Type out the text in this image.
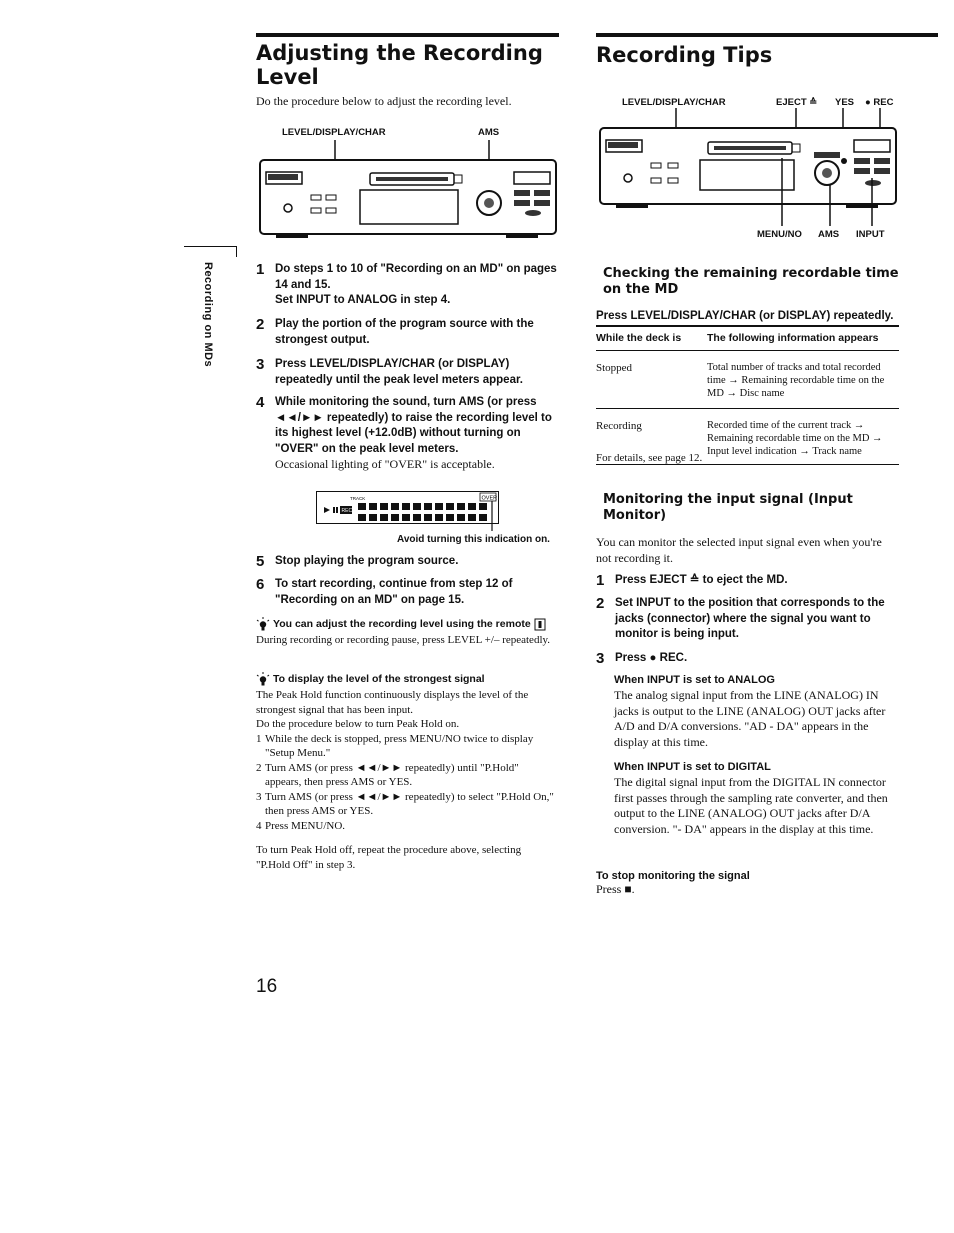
Recording on MDs
Adjusting the Recording Level
Do the procedure below to adjust the recording level.
LEVEL/DISPLAY/CHAR	AMS
1 Do steps 1 to 10 of "Recording on an MD" on pages 14 and 15.
Set INPUT to ANALOG in step 4.
2 Play the portion of the program source with the strongest output.
3 Press LEVEL/DISPLAY/CHAR (or DISPLAY) repeatedly until the peak level meters appear.
4 While monitoring the sound, turn AMS (or press ◄◄/►► repeatedly) to raise the recording level to its highest level (+12.0dB) without turning on "OVER" on the peak level meters.
Occasional lighting of "OVER" is acceptable.
TRACK
REC
OVER
Avoid turning this indication on.
5 Stop playing the program source.
6 To start recording, continue from step 12 of "Recording on an MD" on page 15.
You can adjust the recording level using the remote
During recording or recording pause, press LEVEL +/– repeatedly.
To display the level of the strongest signal
The Peak Hold function continuously displays the level of the strongest signal that has been input.
Do the procedure below to turn Peak Hold on.
1 While the deck is stopped, press MENU/NO twice to display "Setup Menu."
2 Turn AMS (or press ◄◄/►► repeatedly) until "P.Hold" appears, then press AMS or YES.
3 Turn AMS (or press ◄◄/►► repeatedly) to select "P.Hold On," then press AMS or YES.
4 Press MENU/NO.
To turn Peak Hold off, repeat the procedure above, selecting "P.Hold Off" in step 3.
Recording Tips
LEVEL/DISPLAY/CHAR	EJECT ≙ YES ● REC
MENU/NO AMS INPUT
Checking the remaining recordable time on the MD
Press LEVEL/DISPLAY/CHAR (or DISPLAY) repeatedly.
While the deck is	The following information appears
Stopped	Total number of tracks and total recorded time → Remaining recordable time on the MD → Disc name
Recording	Recorded time of the current track → Remaining recordable time on the MD → Input level indication → Track name
For details, see page 12.
Monitoring the input signal (Input Monitor)
You can monitor the selected input signal even when you're not recording it.
1 Press EJECT ≙ to eject the MD.
2 Set INPUT to the position that corresponds to the jacks (connector) where the signal you want to monitor is being input.
3 Press ● REC.
When INPUT is set to ANALOG
The analog signal input from the LINE (ANALOG) IN jacks is output to the LINE (ANALOG) OUT jacks after A/D and D/A conversions. "AD - DA" appears in the display at this time.
When INPUT is set to DIGITAL
The digital signal input from the DIGITAL IN connector first passes through the sampling rate converter, and then output to the LINE (ANALOG) OUT jacks after D/A conversion. "- DA" appears in the display at this time.
To stop monitoring the signal
Press ■.
16
